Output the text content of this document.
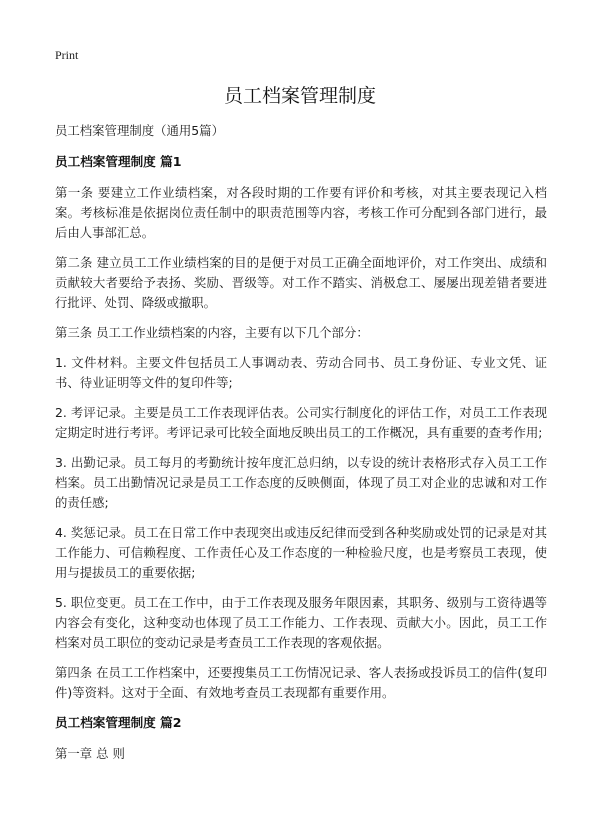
Print
员工档案管理制度

员工档案管理制度（通用5篇）

员工档案管理制度 篇1

第一条 要建立工作业绩档案，对各段时期的工作要有评价和考核，对其主要表现记入档案。考核标准是依据岗位责任制中的职责范围等内容，考核工作可分配到各部门进行，最后由人事部汇总。

第二条 建立员工工作业绩档案的目的是便于对员工正确全面地评价，对工作突出、成绩和贡献较大者要给予表扬、奖励、晋级等。对工作不踏实、消极怠工、屡屡出现差错者要进行批评、处罚、降级或撤职。

第三条 员工工作业绩档案的内容，主要有以下几个部分：

1. 文件材料。主要文件包括员工人事调动表、劳动合同书、员工身份证、专业文凭、证书、待业证明等文件的复印件等;

2. 考评记录。主要是员工工作表现评估表。公司实行制度化的评估工作，对员工工作表现定期定时进行考评。考评记录可比较全面地反映出员工的工作概况，具有重要的查考作用;

3. 出勤记录。员工每月的考勤统计按年度汇总归纳，以专设的统计表格形式存入员工工作档案。员工出勤情况记录是员工工作态度的反映侧面，体现了员工对企业的忠诚和对工作的责任感;

4. 奖惩记录。员工在日常工作中表现突出或违反纪律而受到各种奖励或处罚的记录是对其工作能力、可信赖程度、工作责任心及工作态度的一种检验尺度，也是考察员工表现，使用与提拔员工的重要依据;

5. 职位变更。员工在工作中，由于工作表现及服务年限因素，其职务、级别与工资待遇等内容会有变化，这种变动也体现了员工工作能力、工作表现、贡献大小。因此，员工工作档案对员工职位的变动记录是考查员工工作表现的客观依据。

第四条 在员工工作档案中，还要搜集员工工伤情况记录、客人表扬或投诉员工的信件(复印件)等资料。这对于全面、有效地考查员工表现都有重要作用。

员工档案管理制度 篇2

第一章 总 则
